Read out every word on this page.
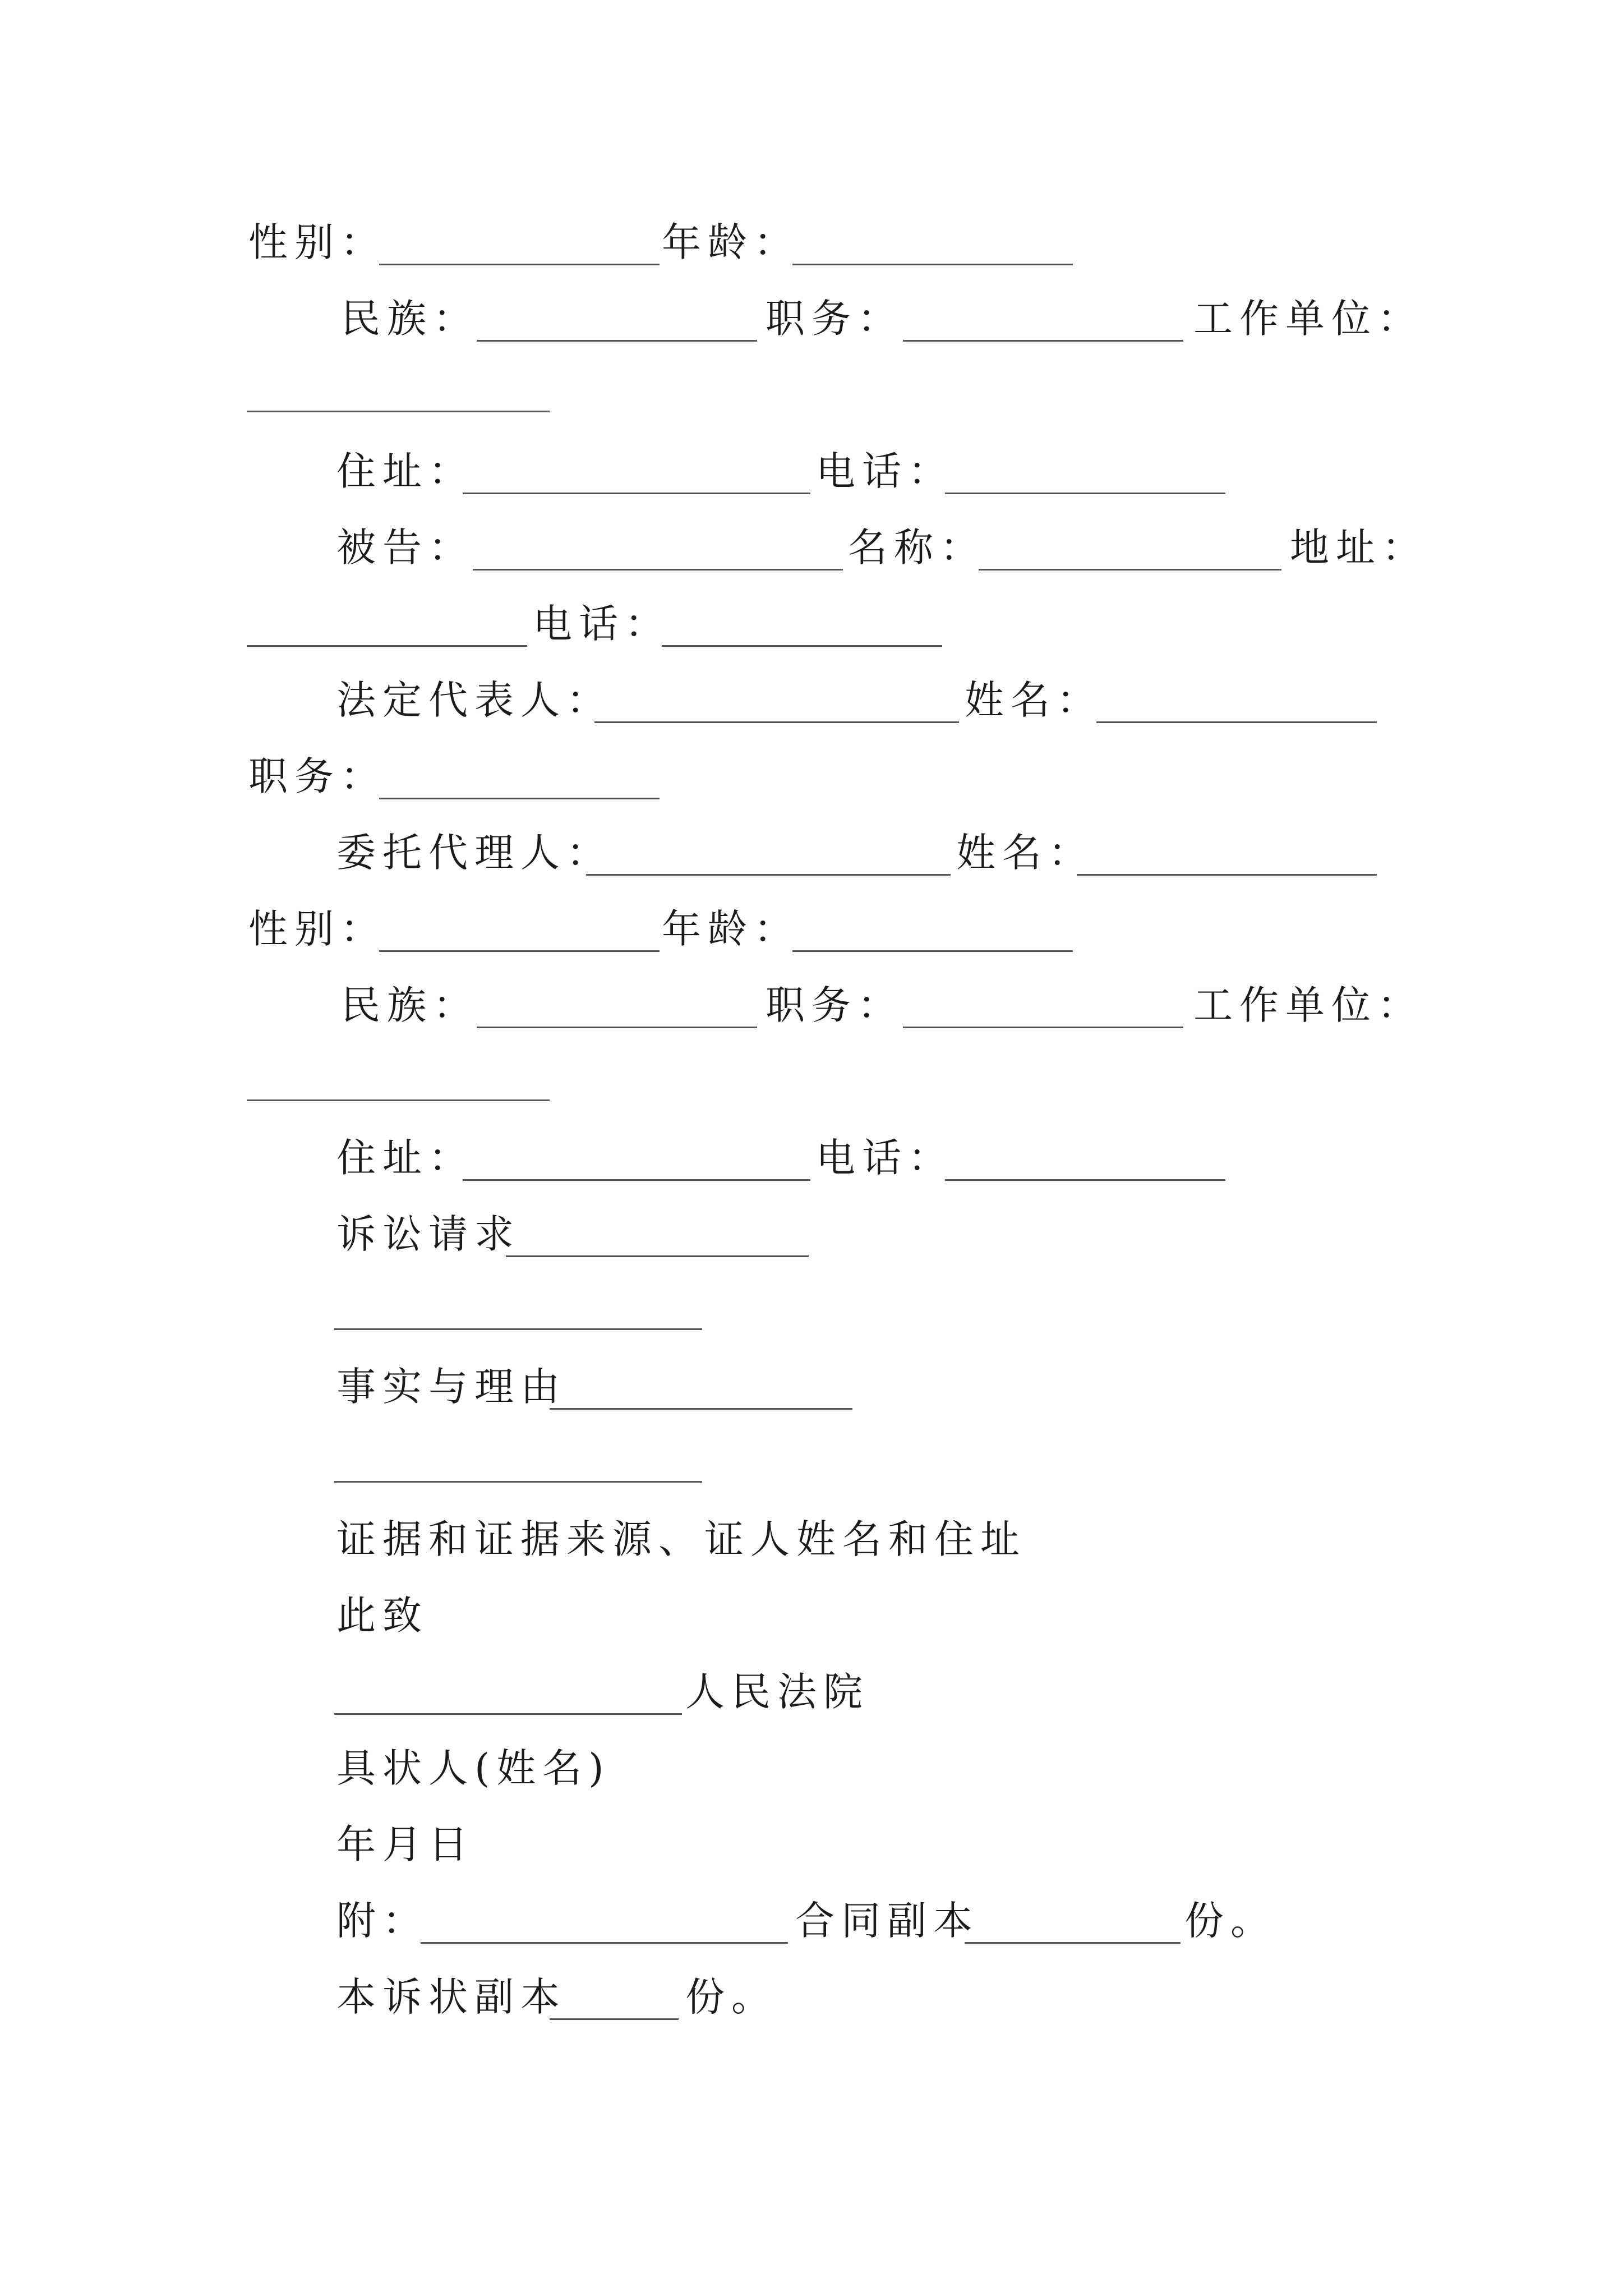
性别：	年龄：
民族：	职务：	工作单位：
住址：	电话：
被告：	名称：	地址：
电话：
法定代表人：	姓名：
职务：
委托代理人：	姓名：
性别：	年龄：
民族：	职务：	工作单位：
住址：	电话：
诉讼请求
事实与理由
证据和证据来源、证人姓名和住址
此致
人民法院
具状人(姓名)
年月日
附：	合同副本	份。
本诉状副本	份。
